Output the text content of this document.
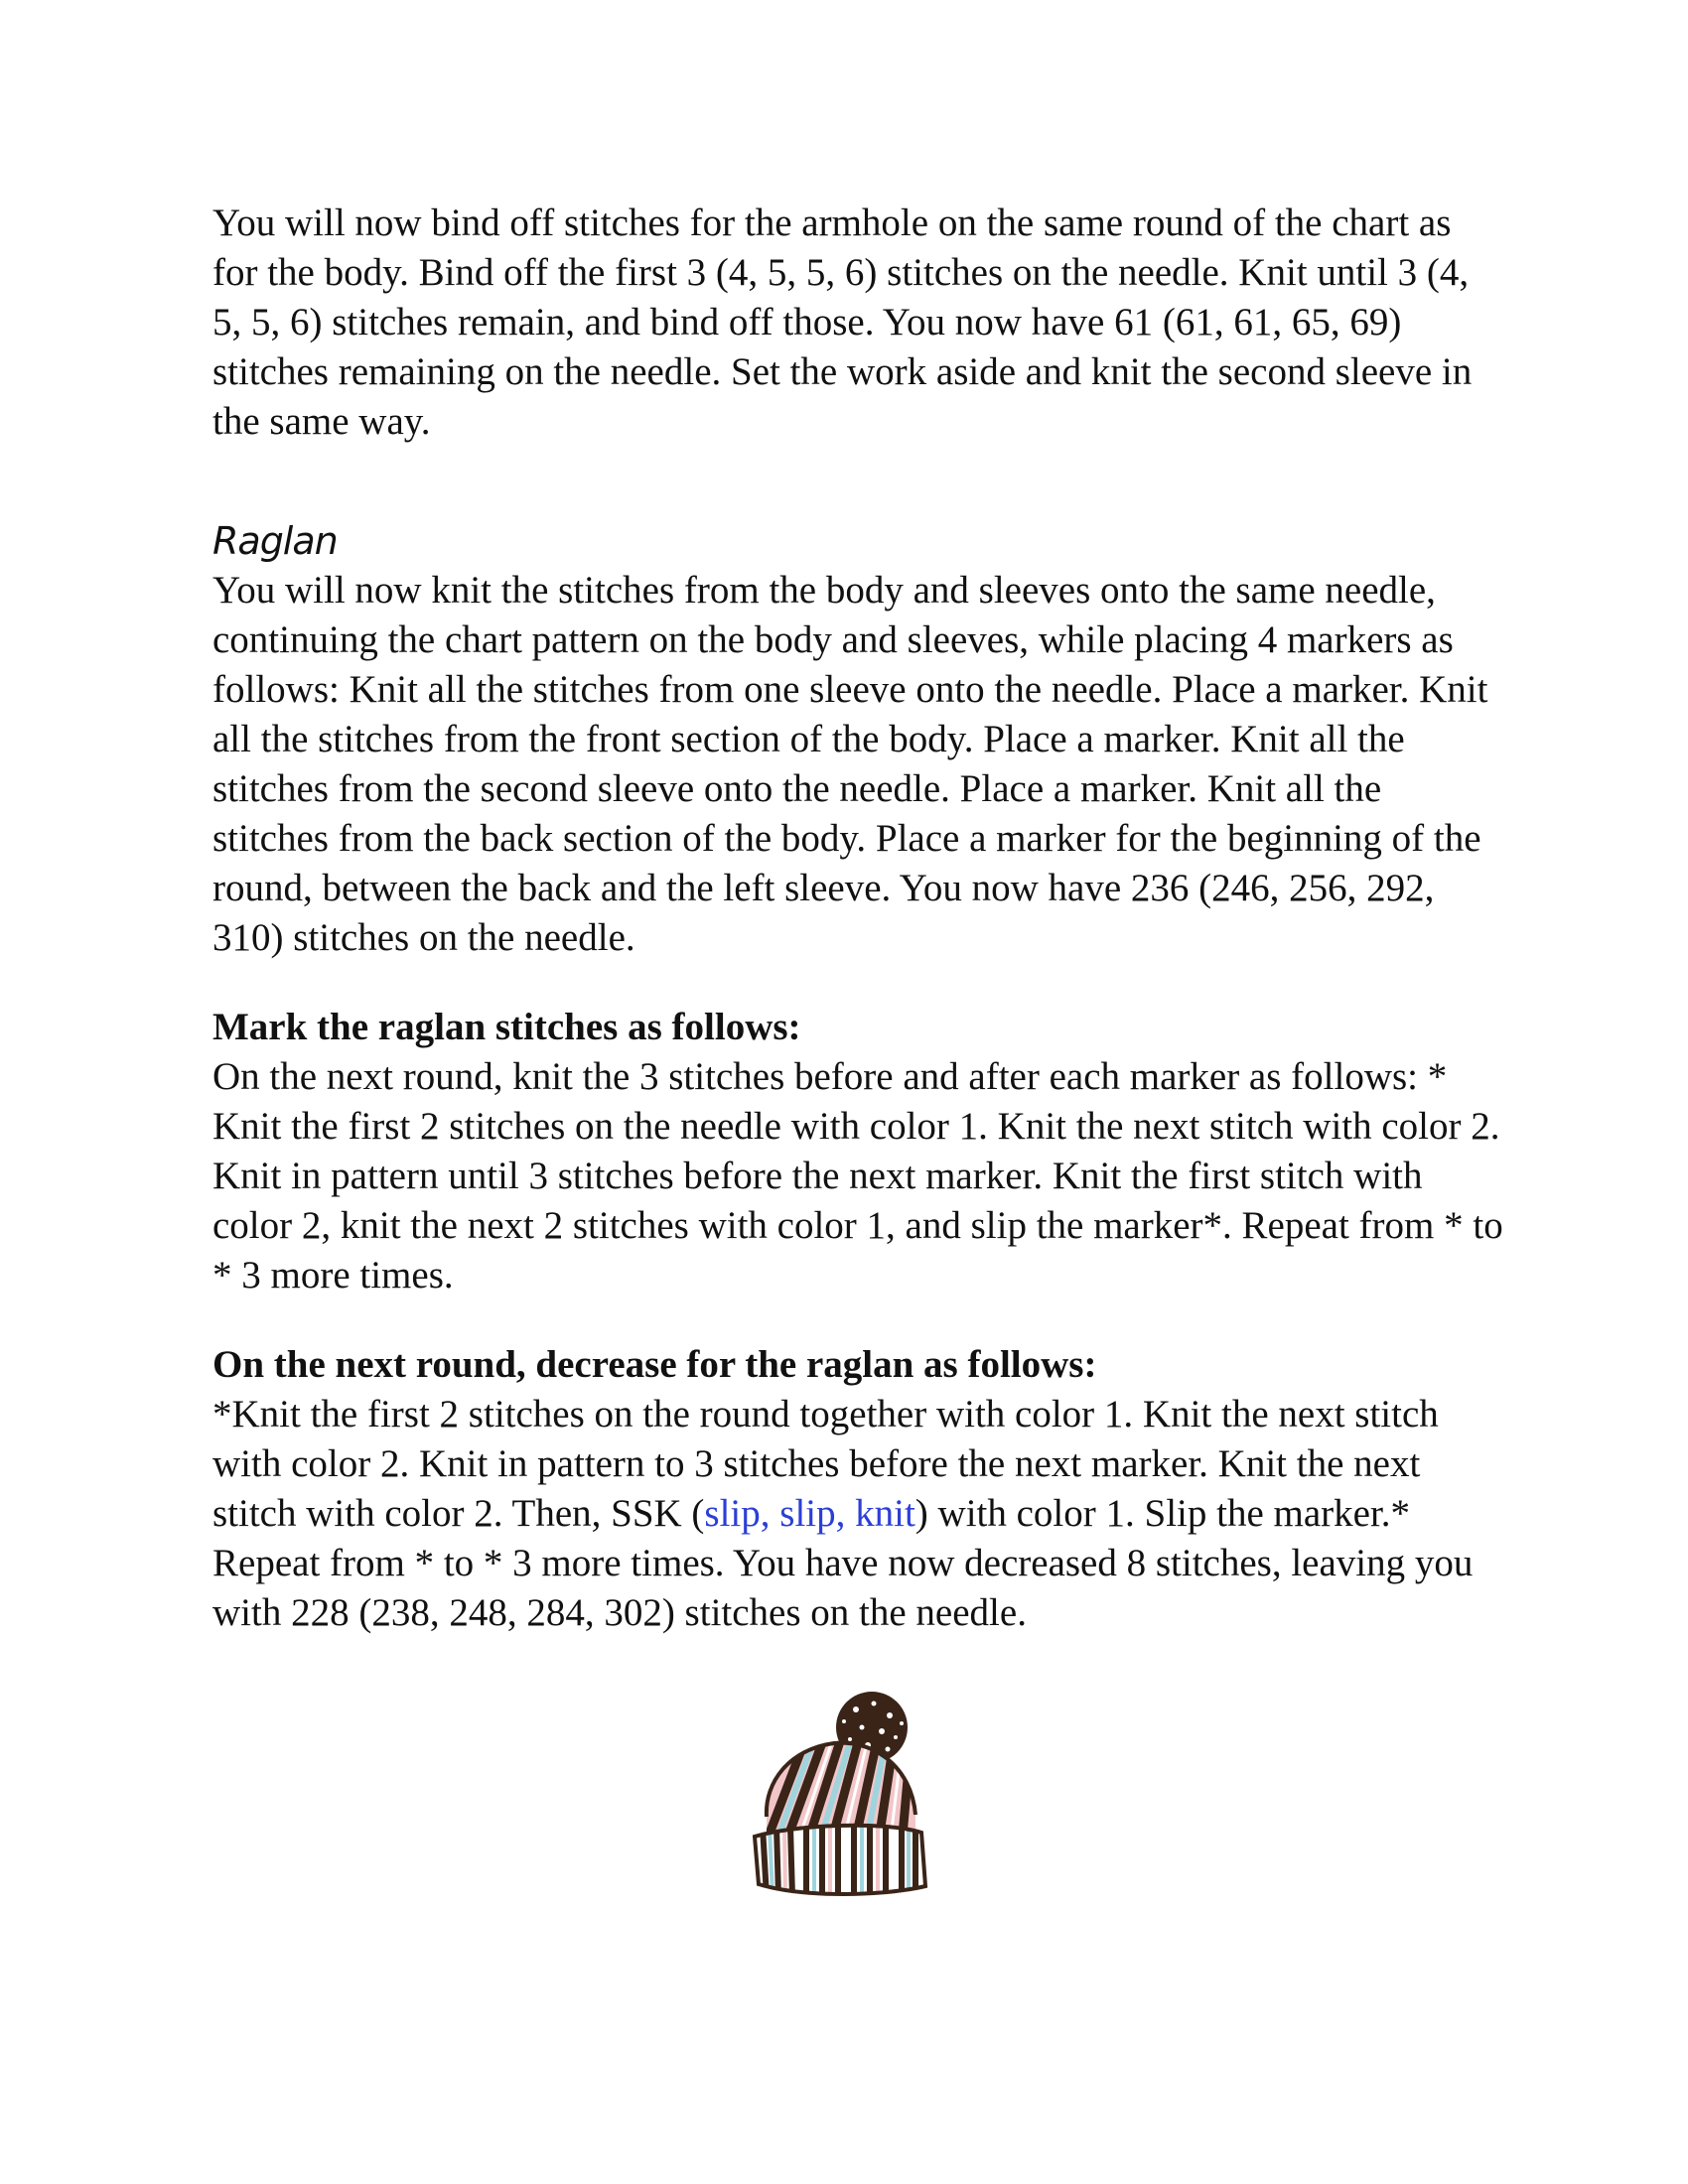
You will now bind off stitches for the armhole on the same round of the chart as for the body. Bind off the first 3 (4, 5, 5, 6) stitches on the needle. Knit until 3 (4, 5, 5, 6) stitches remain, and bind off those. You now have 61 (61, 61, 65, 69) stitches remaining on the needle. Set the work aside and knit the second sleeve in the same way.

Raglan

You will now knit the stitches from the body and sleeves onto the same needle, continuing the chart pattern on the body and sleeves, while placing 4 markers as follows: Knit all the stitches from one sleeve onto the needle. Place a marker. Knit all the stitches from the front section of the body. Place a marker. Knit all the stitches from the second sleeve onto the needle. Place a marker. Knit all the stitches from the back section of the body. Place a marker for the beginning of the round, between the back and the left sleeve. You now have 236 (246, 256, 292, 310) stitches on the needle.

Mark the raglan stitches as follows:

On the next round, knit the 3 stitches before and after each marker as follows: * Knit the first 2 stitches on the needle with color 1. Knit the next stitch with color 2. Knit in pattern until 3 stitches before the next marker. Knit the first stitch with color 2, knit the next 2 stitches with color 1, and slip the marker*. Repeat from * to * 3 more times.

On the next round, decrease for the raglan as follows:

*Knit the first 2 stitches on the round together with color 1. Knit the next stitch with color 2. Knit in pattern to 3 stitches before the next marker. Knit the next stitch with color 2. Then, SSK (slip, slip, knit) with color 1. Slip the marker.* Repeat from * to * 3 more times. You have now decreased 8 stitches, leaving you with 228 (238, 248, 284, 302) stitches on the needle.
